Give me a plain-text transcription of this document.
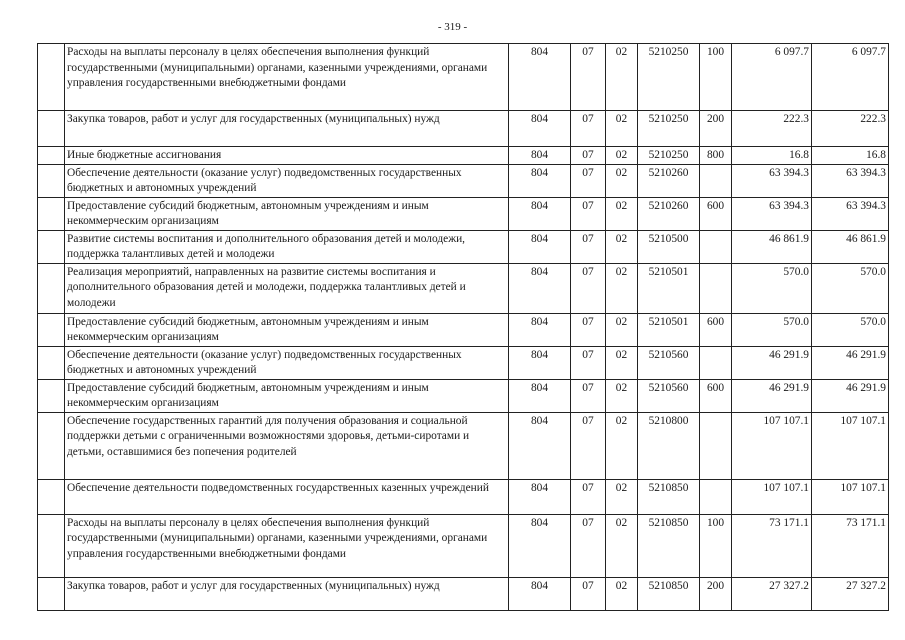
- 319 -
	Расходы на выплаты персоналу в целях обеспечения выполнения функций государственными (муниципальными) органами, казенными учреждениями, органами управления государственными внебюджетными фондами	804	07	02	5210250	100	6 097.7	6 097.7
	Закупка товаров, работ и услуг для государственных (муниципальных) нужд	804	07	02	5210250	200	222.3	222.3
	Иные бюджетные ассигнования	804	07	02	5210250	800	16.8	16.8
	Обеспечение деятельности (оказание услуг) подведомственных государственных бюджетных и автономных учреждений	804	07	02	5210260		63 394.3	63 394.3
	Предоставление субсидий бюджетным, автономным учреждениям и иным некоммерческим организациям	804	07	02	5210260	600	63 394.3	63 394.3
	Развитие системы воспитания и дополнительного образования детей и молодежи, поддержка талантливых детей и молодежи	804	07	02	5210500		46 861.9	46 861.9
	Реализация мероприятий, направленных на развитие системы воспитания и дополнительного образования детей и молодежи, поддержка талантливых детей и молодежи	804	07	02	5210501		570.0	570.0
	Предоставление субсидий бюджетным, автономным учреждениям и иным некоммерческим организациям	804	07	02	5210501	600	570.0	570.0
	Обеспечение деятельности (оказание услуг) подведомственных государственных бюджетных и автономных учреждений	804	07	02	5210560		46 291.9	46 291.9
	Предоставление субсидий бюджетным, автономным учреждениям и иным некоммерческим организациям	804	07	02	5210560	600	46 291.9	46 291.9
	Обеспечение государственных гарантий для получения образования и социальной поддержки детьми с ограниченными возможностями здоровья, детьми-сиротами и детьми, оставшимися без попечения родителей	804	07	02	5210800		107 107.1	107 107.1
	Обеспечение деятельности подведомственных государственных казенных учреждений	804	07	02	5210850		107 107.1	107 107.1
	Расходы на выплаты персоналу в целях обеспечения выполнения функций государственными (муниципальными) органами, казенными учреждениями, органами управления государственными внебюджетными фондами	804	07	02	5210850	100	73 171.1	73 171.1
	Закупка товаров, работ и услуг для государственных (муниципальных) нужд	804	07	02	5210850	200	27 327.2	27 327.2
